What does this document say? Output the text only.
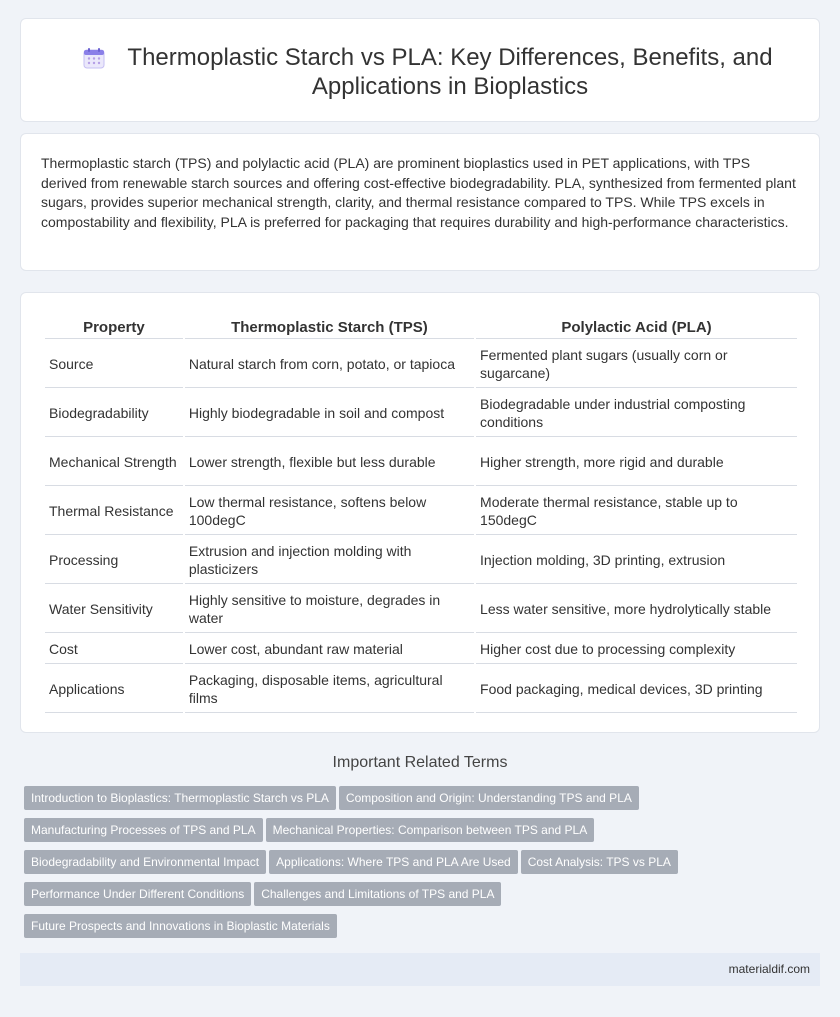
Thermoplastic Starch vs PLA: Key Differences, Benefits, and Applications in Bioplastics

Thermoplastic starch (TPS) and polylactic acid (PLA) are prominent bioplastics used in PET applications, with TPS derived from renewable starch sources and offering cost-effective biodegradability. PLA, synthesized from fermented plant sugars, provides superior mechanical strength, clarity, and thermal resistance compared to TPS. While TPS excels in compostability and flexibility, PLA is preferred for packaging that requires durability and high-performance characteristics.

Property	Thermoplastic Starch (TPS)	Polylactic Acid (PLA)
Source	Natural starch from corn, potato, or tapioca	Fermented plant sugars (usually corn or sugarcane)
Biodegradability	Highly biodegradable in soil and compost	Biodegradable under industrial composting conditions
Mechanical Strength	Lower strength, flexible but less durable	Higher strength, more rigid and durable
Thermal Resistance	Low thermal resistance, softens below 100degC	Moderate thermal resistance, stable up to 150degC
Processing	Extrusion and injection molding with plasticizers	Injection molding, 3D printing, extrusion
Water Sensitivity	Highly sensitive to moisture, degrades in water	Less water sensitive, more hydrolytically stable
Cost	Lower cost, abundant raw material	Higher cost due to processing complexity
Applications	Packaging, disposable items, agricultural films	Food packaging, medical devices, 3D printing
Important Related Terms
Introduction to Bioplastics: Thermoplastic Starch vs PLA Composition and Origin: Understanding TPS and PLA
Manufacturing Processes of TPS and PLA Mechanical Properties: Comparison between TPS and PLA
Biodegradability and Environmental Impact Applications: Where TPS and PLA Are Used Cost Analysis: TPS vs PLA
Performance Under Different Conditions Challenges and Limitations of TPS and PLA
Future Prospects and Innovations in Bioplastic Materials
materialdif.com
